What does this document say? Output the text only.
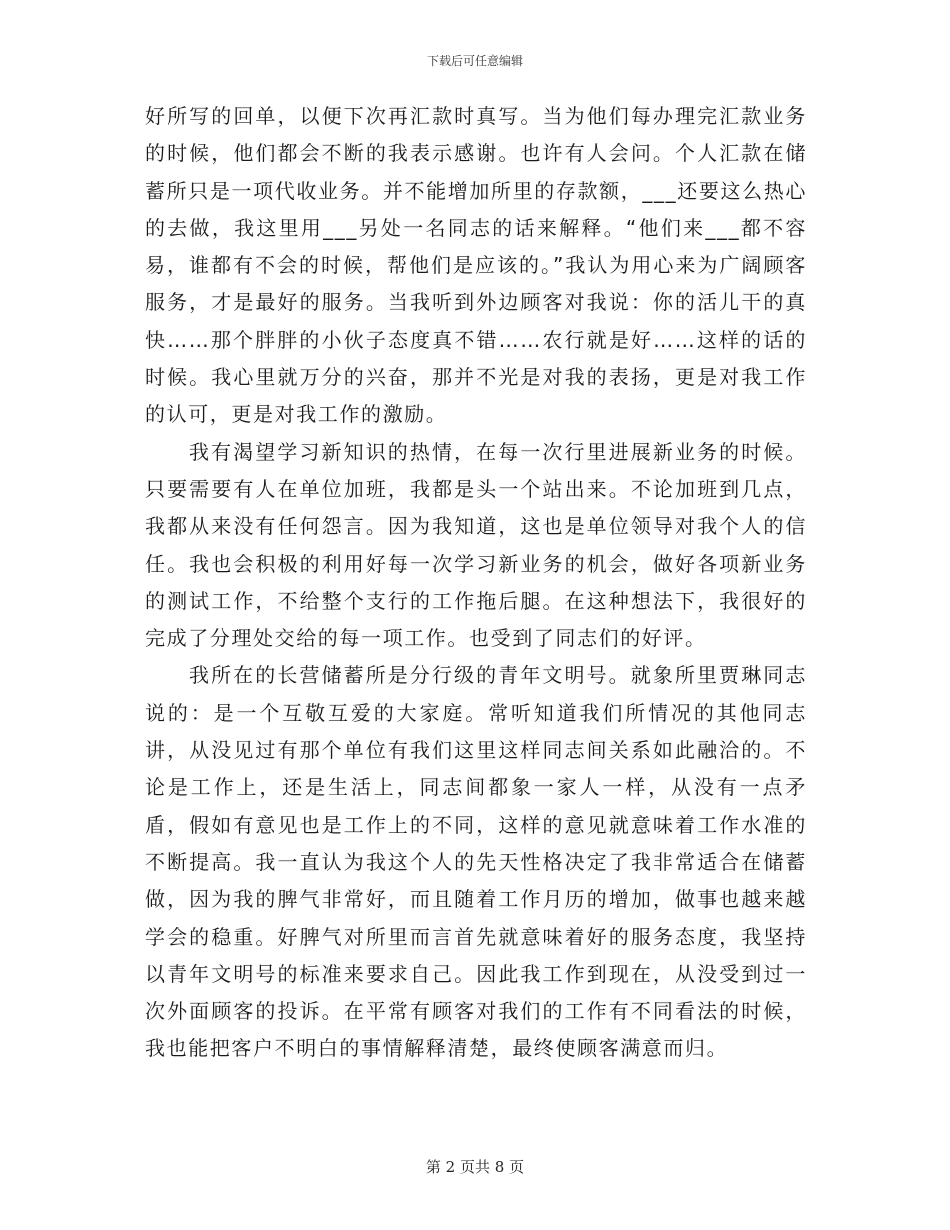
下载后可任意编辑

好所写的回单，以便下次再汇款时真写。当为他们每办理完汇款业务的时候，他们都会不断的我表示感谢。也许有人会问。个人汇款在储蓄所只是一项代收业务。并不能增加所里的存款额，___还要这么热心的去做，我这里用___另处一名同志的话来解释。“他们来___都不容易，谁都有不会的时候，帮他们是应该的。”我认为用心来为广阔顾客服务，才是最好的服务。当我听到外边顾客对我说：你的活儿干的真快……那个胖胖的小伙子态度真不错……农行就是好……这样的话的时候。我心里就万分的兴奋，那并不光是对我的表扬，更是对我工作的认可，更是对我工作的激励。

我有渴望学习新知识的热情，在每一次行里进展新业务的时候。只要需要有人在单位加班，我都是头一个站出来。不论加班到几点，我都从来没有任何怨言。因为我知道，这也是单位领导对我个人的信任。我也会积极的利用好每一次学习新业务的机会，做好各项新业务的测试工作，不给整个支行的工作拖后腿。在这种想法下，我很好的完成了分理处交给的每一项工作。也受到了同志们的好评。

我所在的长营储蓄所是分行级的青年文明号。就象所里贾琳同志说的：是一个互敬互爱的大家庭。常听知道我们所情况的其他同志讲，从没见过有那个单位有我们这里这样同志间关系如此融洽的。不论是工作上，还是生活上，同志间都象一家人一样，从没有一点矛盾，假如有意见也是工作上的不同，这样的意见就意味着工作水准的不断提高。我一直认为我这个人的先天性格决定了我非常适合在储蓄做，因为我的脾气非常好，而且随着工作月历的增加，做事也越来越学会的稳重。好脾气对所里而言首先就意味着好的服务态度，我坚持以青年文明号的标准来要求自己。因此我工作到现在，从没受到过一次外面顾客的投诉。在平常有顾客对我们的工作有不同看法的时候，我也能把客户不明白的事情解释清楚，最终使顾客满意而归。

第 2 页共 8 页
